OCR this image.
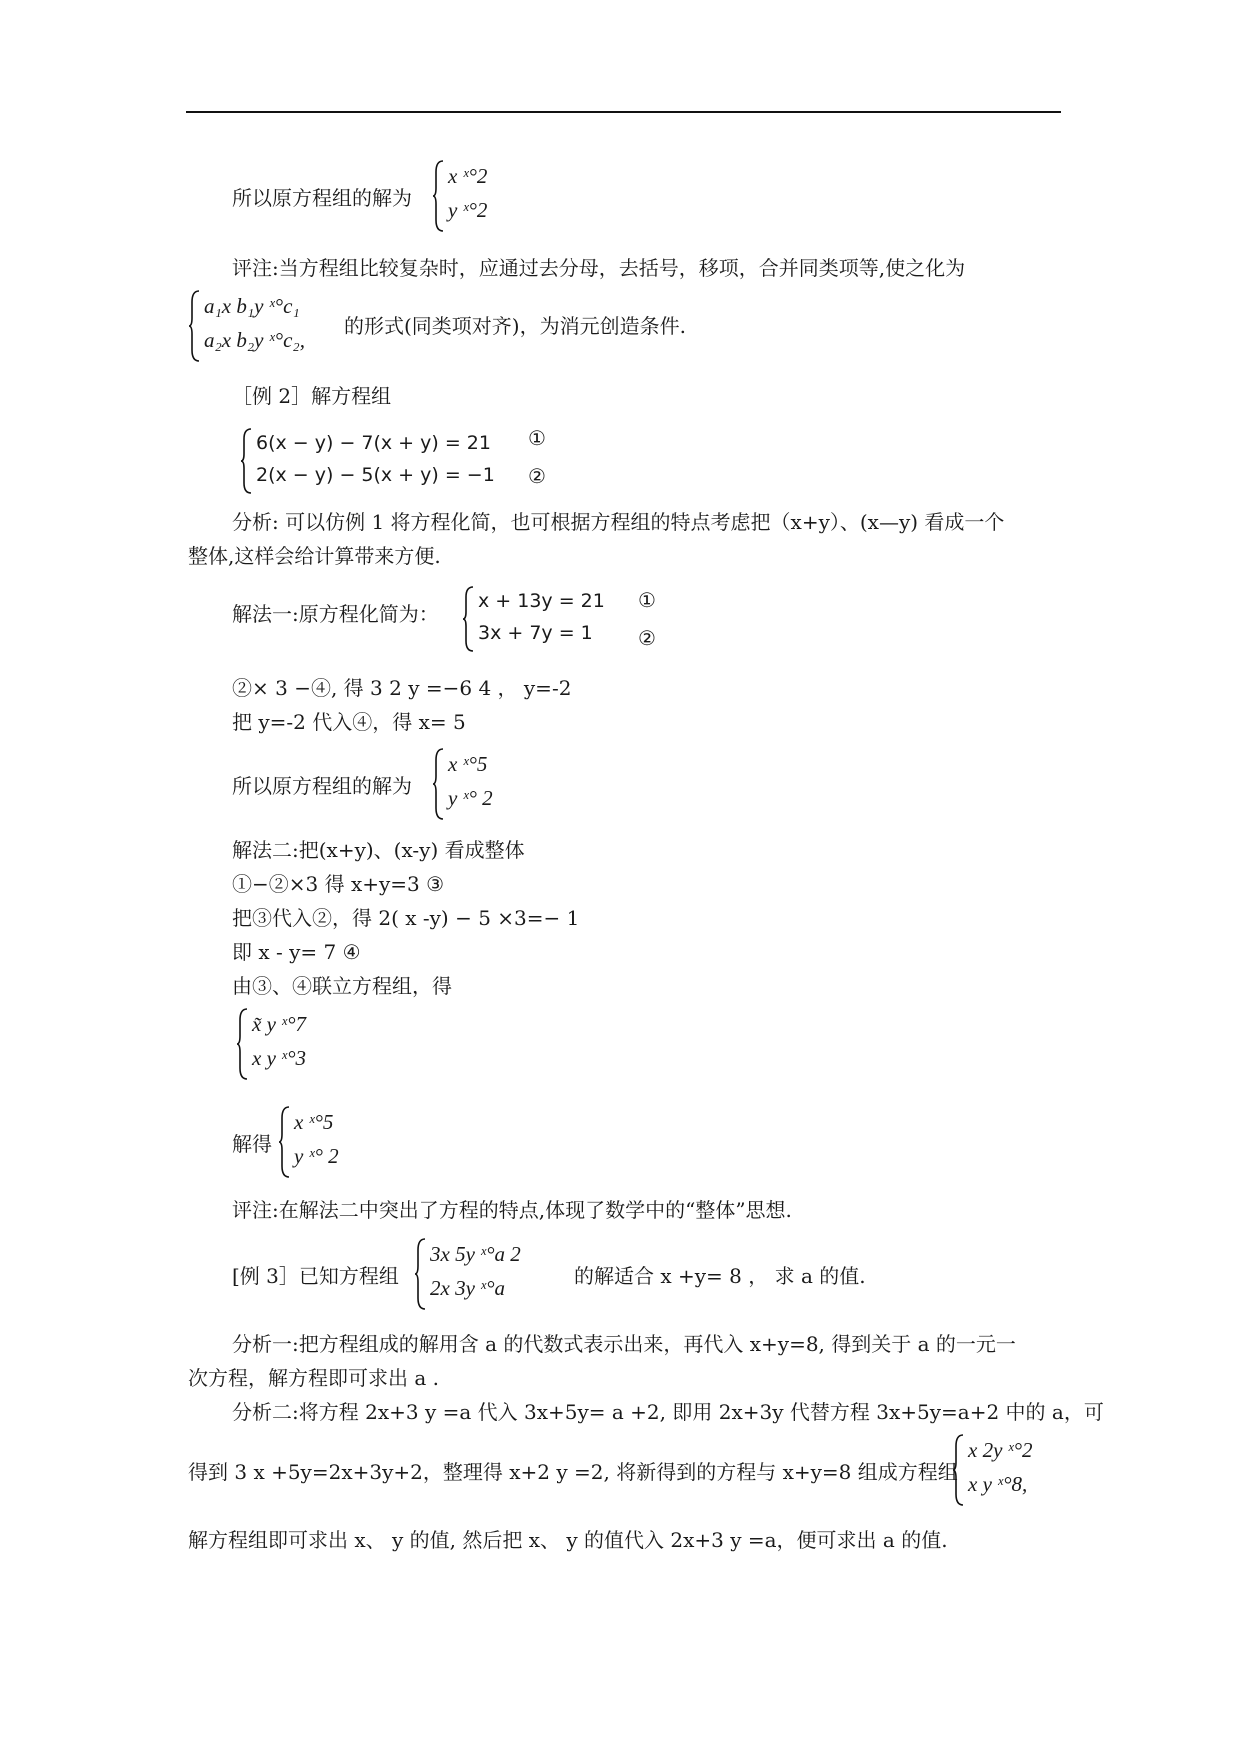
所以原方程组的解为
x ˣ°2
y ˣ°2
评注:当方程组比较复杂时，应通过去分母，去括号，移项，合并同类项等,使之化为
a₁x b₁y ˣ°c₁
a₂x b₂y ˣ°c₂,
的形式(同类项对齐)，为消元创造条件.
［例 2］解方程组
6(x − y) − 7(x + y) = 21
2(x − y) − 5(x + y) = −1
①
②
分析: 可以仿例 1 将方程化简，也可根据方程组的特点考虑把（x+y）、(x—y) 看成一个
整体,这样会给计算带来方便.
解法一:原方程化简为：
x + 13y = 21
3x + 7y = 1
①
②
②× 3 −④, 得 3 2 y =−6 4 ， y=-2
把 y=-2 代入④，得 x= 5
所以原方程组的解为
x ˣ°5
y ˣ° 2
解法二:把(x+y)、(x-y) 看成整体
①−②×3 得 x+y=3 ③
把③代入②，得 2( x -y) − 5 ×3=− 1
即 x - y= 7 ④
由③、④联立方程组，得
x̃ y ˣ°7
x y ˣ°3
解得
x ˣ°5
y ˣ° 2
评注:在解法二中突出了方程的特点,体现了数学中的“整体”思想.
[例 3］已知方程组
3x 5y ˣ°a 2
2x 3y ˣ°a	的解适合 x +y= 8 ， 求 a 的值.
分析一:把方程组成的解用含 a 的代数式表示出来，再代入 x+y=8, 得到关于 a 的一元一
次方程，解方程即可求出 a .
分析二:将方程 2x+3 y =a 代入 3x+5y= a +2, 即用 2x+3y 代替方程 3x+5y=a+2 中的 a，可
得到 3 x +5y=2x+3y+2，整理得 x+2 y =2, 将新得到的方程与 x+y=8 组成方程组
x 2y ˣ°2
x y ˣ°8,
解方程组即可求出 x、 y 的值, 然后把 x、 y 的值代入 2x+3 y =a，便可求出 a 的值.
